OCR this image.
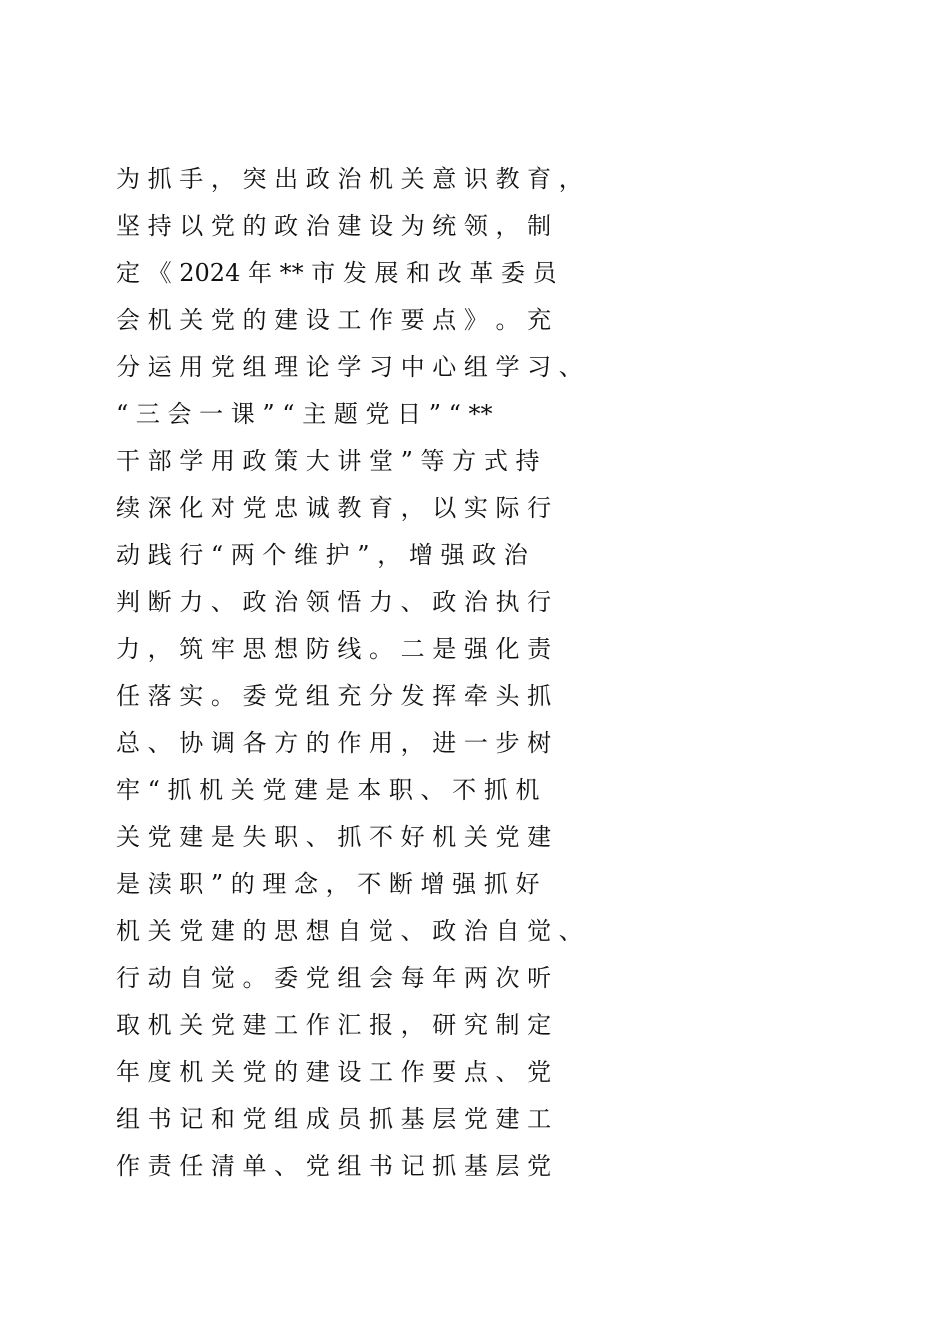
为 抓 手 ， 突 出 政 治 机 关 意 识 教 育 ，
坚 持 以 党 的 政 治 建 设 为 统 领 ， 制
定 《 2024 年 ** 市 发 展 和 改 革 委 员
会 机 关 党 的 建 设 工 作 要 点 》 。 充
分 运 用 党 组 理 论 学 习 中 心 组 学 习 、
“ 三 会 一 课 ” “ 主 题 党 日 ” “ **
干 部 学 用 政 策 大 讲 堂 ” 等 方 式 持
续 深 化 对 党 忠 诚 教 育 ， 以 实 际 行
动 践 行 “ 两 个 维 护 ” ， 增 强 政 治
判 断 力 、 政 治 领 悟 力 、 政 治 执 行
力 ， 筑 牢 思 想 防 线 。 二 是 强 化 责
任 落 实 。 委 党 组 充 分 发 挥 牵 头 抓
总 、 协 调 各 方 的 作 用 ， 进 一 步 树
牢 “ 抓 机 关 党 建 是 本 职 、 不 抓 机
关 党 建 是 失 职 、 抓 不 好 机 关 党 建
是 渎 职 ” 的 理 念 ， 不 断 增 强 抓 好
机 关 党 建 的 思 想 自 觉 、 政 治 自 觉 、
行 动 自 觉 。 委 党 组 会 每 年 两 次 听
取 机 关 党 建 工 作 汇 报 ， 研 究 制 定
年 度 机 关 党 的 建 设 工 作 要 点 、 党
组 书 记 和 党 组 成 员 抓 基 层 党 建 工
作 责 任 清 单 、 党 组 书 记 抓 基 层 党
